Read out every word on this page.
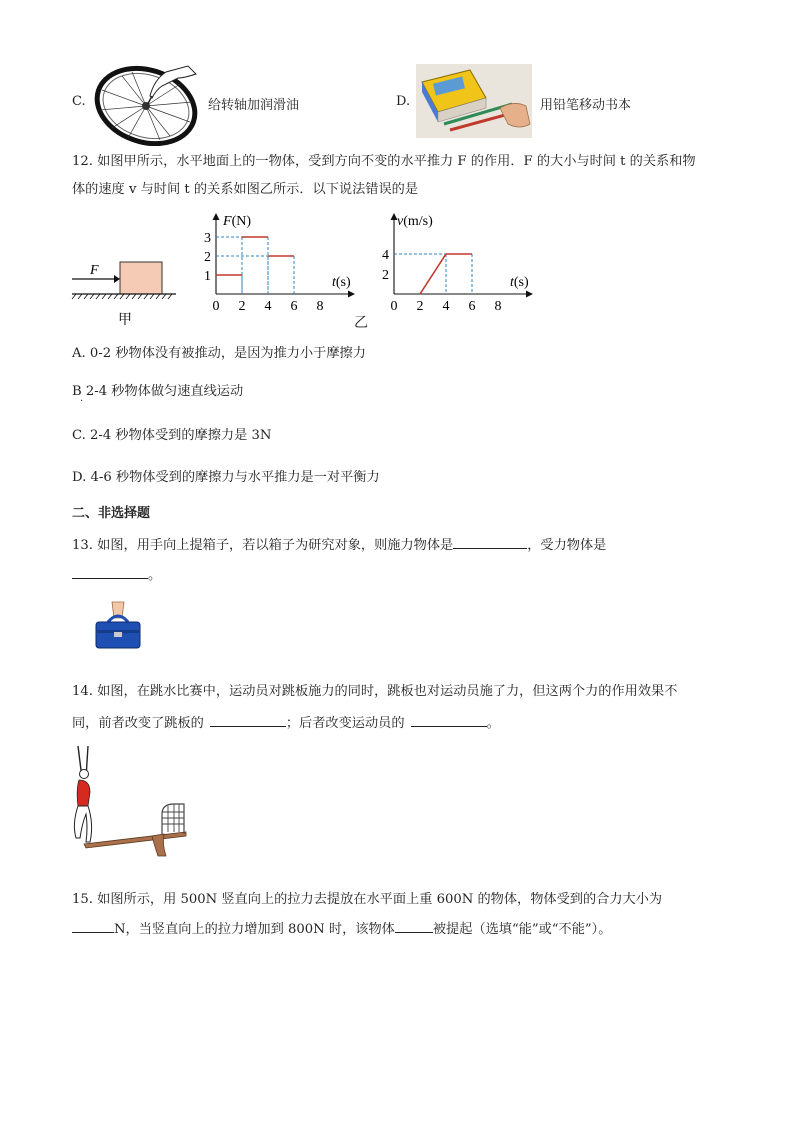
C.	给转轴加润滑油	D.	用铅笔移动书本
12. 如图甲所示，水平地面上的一物体，受到方向不变的水平推力 F 的作用．F 的大小与时间 t 的关系和物
体的速度 v 与时间 t 的关系如图乙所示．以下说法错误的是
F
甲
F(N)
t(s)
0 2 4 6 8
1
2
3
v(m/s)
t(s)
0 2 4 6 8
2
4
乙
A. 0-2 秒物体没有被推动，是因为推力小于摩擦力
B 2-4 秒物体做匀速直线运动
·
C. 2-4 秒物体受到的摩擦力是 3N
D. 4-6 秒物体受到的摩擦力与水平推力是一对平衡力
二、非选择题
13. 如图，用手向上提箱子，若以箱子为研究对象，则施力物体是	，受力物体是
。
14. 如图，在跳水比赛中，运动员对跳板施力的同时，跳板也对运动员施了力，但这两个力的作用效果不
同，前者改变了跳板的	；后者改变运动员的	。
15. 如图所示，用 500N 竖直向上的拉力去提放在水平面上重 600N 的物体，物体受到的合力大小为
N，当竖直向上的拉力增加到 800N 时，该物体	被提起（选填“能”或“不能”）。
